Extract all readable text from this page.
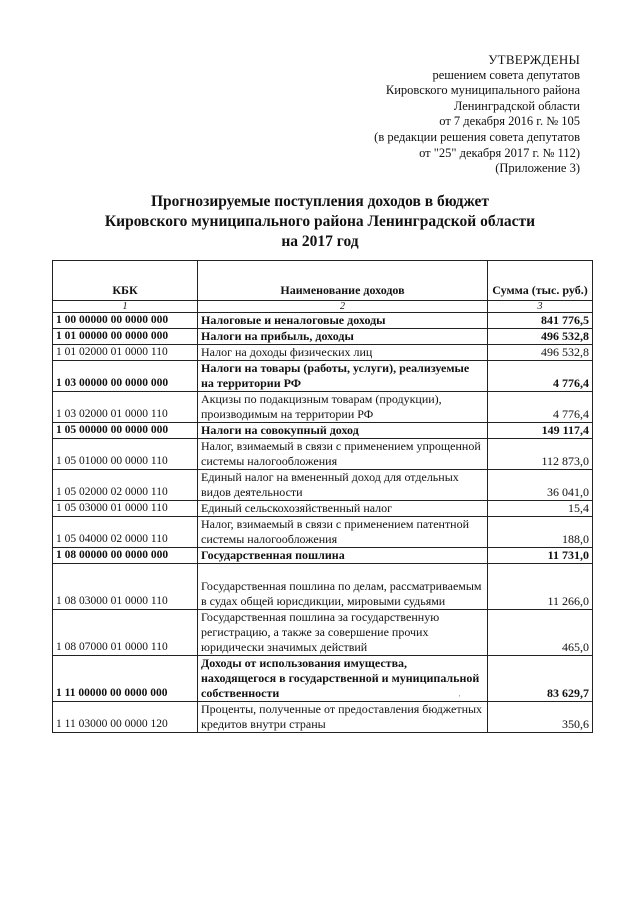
УТВЕРЖДЕНЫ
решением совета депутатов
Кировского муниципального района
Ленинградской области
от 7 декабря 2016 г. № 105
(в редакции решения совета депутатов
от "25" декабря 2017 г. № 112)
(Приложение 3)
Прогнозируемые поступления доходов в бюджет
Кировского муниципального района Ленинградской области
на 2017 год
КБК	Наименование доходов	Сумма (тыс. руб.)
1	2	3
1 00 00000 00 0000 000	Налоговые и неналоговые доходы	841 776,5
1 01 00000 00 0000 000	Налоги на прибыль, доходы	496 532,8
1 01 02000 01 0000 110	Налог на доходы физических лиц	496 532,8
1 03 00000 00 0000 000	Налоги на товары (работы, услуги), реализуемые на территории РФ	4 776,4
1 03 02000 01 0000 110	Акцизы по подакцизным товарам (продукции), производимым на территории РФ	4 776,4
1 05 00000 00 0000 000	Налоги на совокупный доход	149 117,4
1 05 01000 00 0000 110	Налог, взимаемый в связи с применением упрощенной системы налогообложения	112 873,0
1 05 02000 02 0000 110	Единый налог на вмененный доход для отдельных видов деятельности	36 041,0
1 05 03000 01 0000 110	Единый сельскохозяйственный налог	15,4
1 05 04000 02 0000 110	Налог, взимаемый в связи с применением патентной системы налогообложения	188,0
1 08 00000 00 0000 000	Государственная пошлина	11 731,0
1 08 03000 01 0000 110	Государственная пошлина по делам, рассматриваемым в судах общей юрисдикции, мировыми судьями	11 266,0
1 08 07000 01 0000 110	Государственная пошлина за государственную регистрацию, а также за совершение прочих юридически значимых действий	465,0
1 11 00000 00 0000 000	Доходы от использования имущества, находящегося в государственной и муниципальной собственности	83 629,7
1 11 03000 00 0000 120	Проценты, полученные от предоставления бюджетных кредитов внутри страны	350,6
'
